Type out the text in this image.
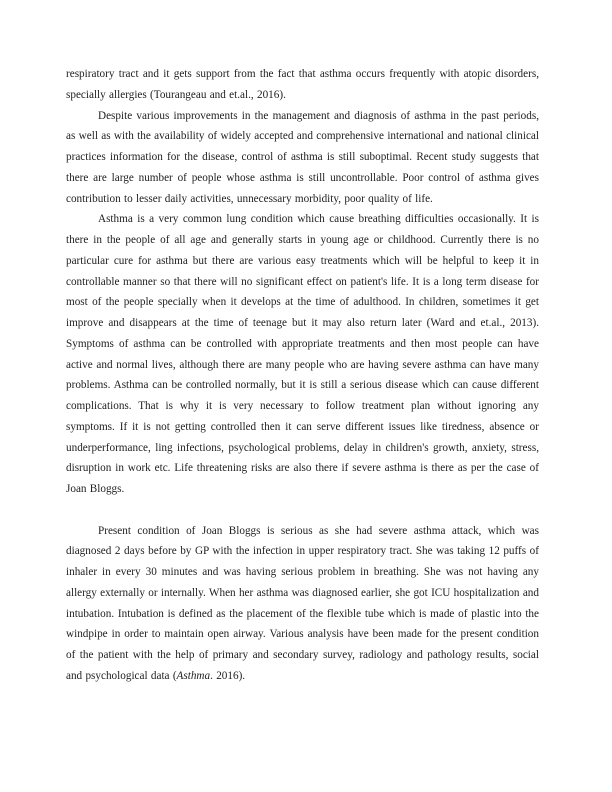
respiratory tract and it gets support from the fact that asthma occurs frequently with atopic disorders, specially allergies (Tourangeau and et.al., 2016).

Despite various improvements in the management and diagnosis of asthma in the past periods, as well as with the availability of widely accepted and comprehensive international and national clinical practices information for the disease, control of asthma is still suboptimal. Recent study suggests that there are large number of people whose asthma is still uncontrollable. Poor control of asthma gives contribution to lesser daily activities, unnecessary morbidity, poor quality of life.

Asthma is a very common lung condition which cause breathing difficulties occasionally. It is there in the people of all age and generally starts in young age or childhood. Currently there is no particular cure for asthma but there are various easy treatments which will be helpful to keep it in controllable manner so that there will no significant effect on patient's life. It is a long term disease for most of the people specially when it develops at the time of adulthood. In children, sometimes it get improve and disappears at the time of teenage but it may also return later (Ward and et.al., 2013). Symptoms of asthma can be controlled with appropriate treatments and then most people can have active and normal lives, although there are many people who are having severe asthma can have many problems. Asthma can be controlled normally, but it is still a serious disease which can cause different complications. That is why it is very necessary to follow treatment plan without ignoring any symptoms. If it is not getting controlled then it can serve different issues like tiredness, absence or underperformance, ling infections, psychological problems, delay in children's growth, anxiety, stress, disruption in work etc. Life threatening risks are also there if severe asthma is there as per the case of Joan Bloggs.

Present condition of Joan Bloggs is serious as she had severe asthma attack, which was diagnosed 2 days before by GP with the infection in upper respiratory tract. She was taking 12 puffs of inhaler in every 30 minutes and was having serious problem in breathing. She was not having any allergy externally or internally. When her asthma was diagnosed earlier, she got ICU hospitalization and intubation. Intubation is defined as the placement of the flexible tube which is made of plastic into the windpipe in order to maintain open airway. Various analysis have been made for the present condition of the patient with the help of primary and secondary survey, radiology and pathology results, social and psychological data (Asthma. 2016).
